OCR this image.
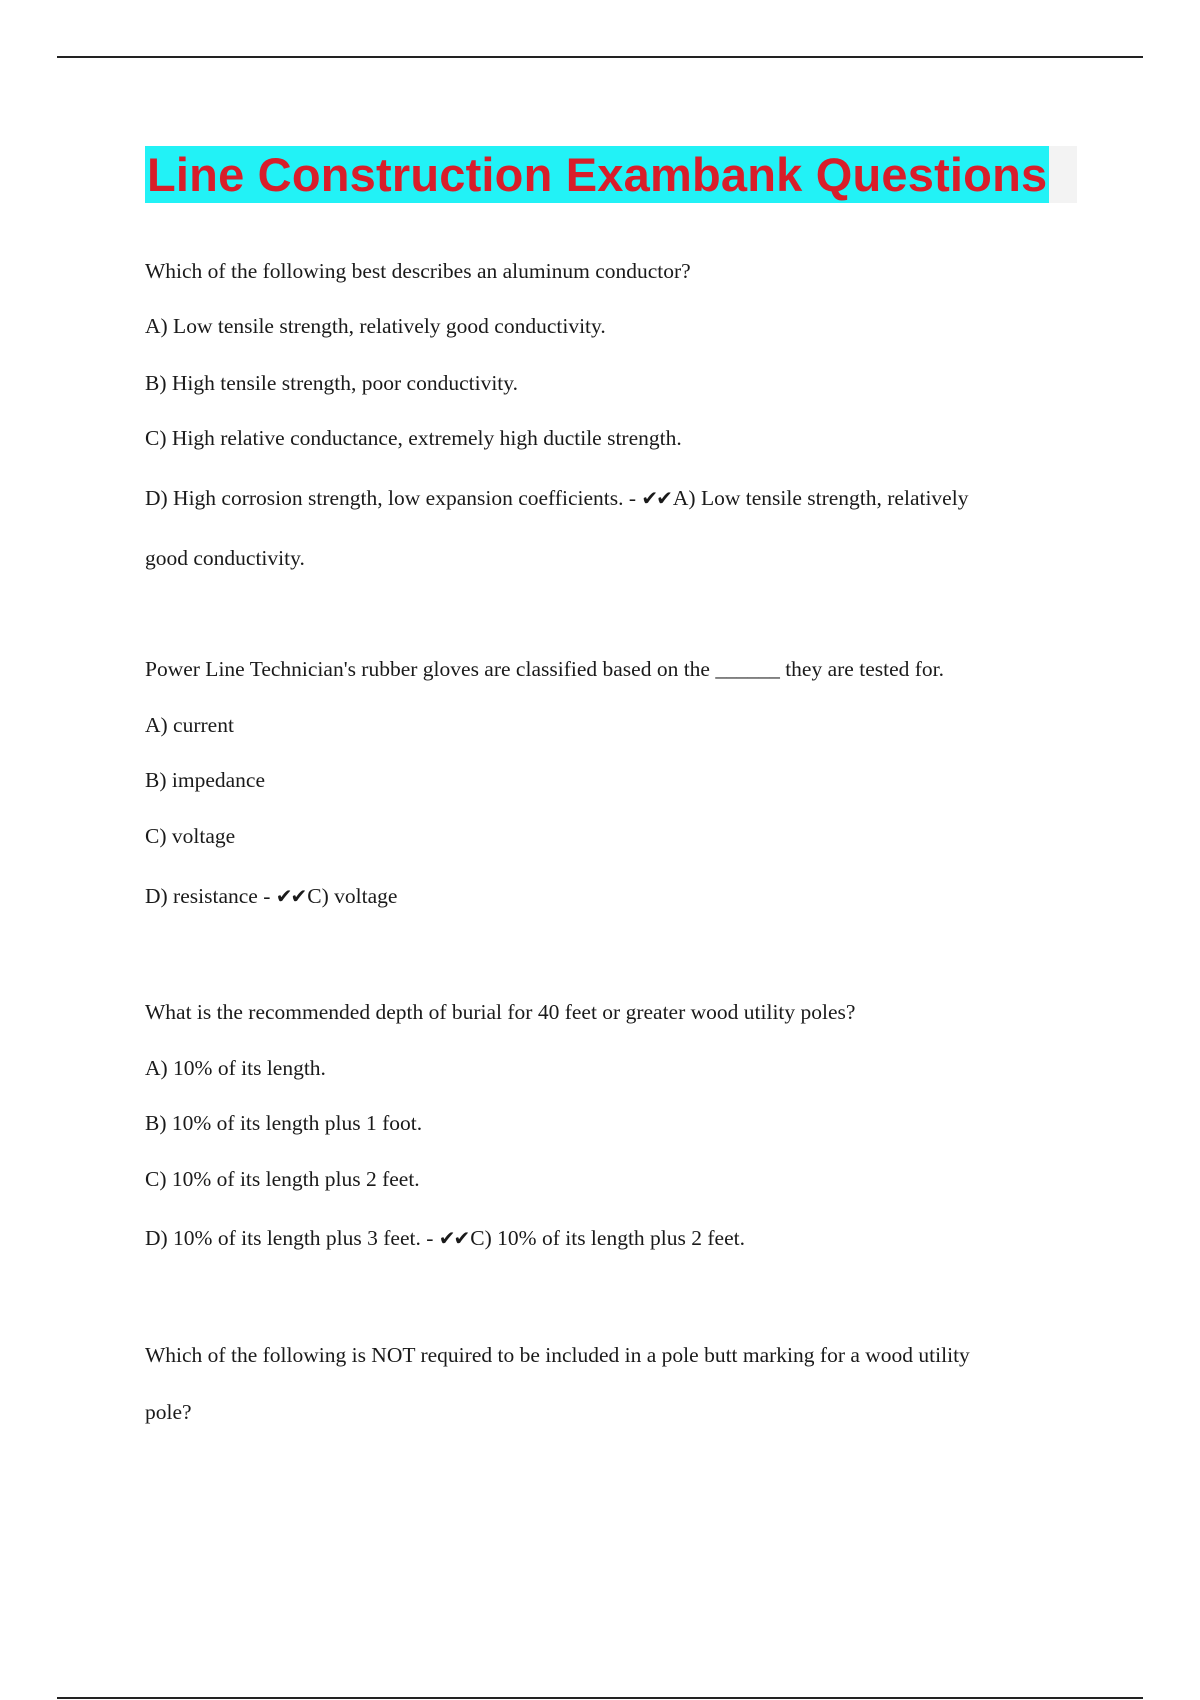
Line Construction Exambank Questions
Which of the following best describes an aluminum conductor?
A) Low tensile strength, relatively good conductivity.
B) High tensile strength, poor conductivity.
C) High relative conductance, extremely high ductile strength.
D) High corrosion strength, low expansion coefficients. - ✔✔A) Low tensile strength, relatively
good conductivity.
Power Line Technician's rubber gloves are classified based on the ______ they are tested for.
A) current
B) impedance
C) voltage
D) resistance - ✔✔C) voltage
What is the recommended depth of burial for 40 feet or greater wood utility poles?
A) 10% of its length.
B) 10% of its length plus 1 foot.
C) 10% of its length plus 2 feet.
D) 10% of its length plus 3 feet. - ✔✔C) 10% of its length plus 2 feet.
Which of the following is NOT required to be included in a pole butt marking for a wood utility
pole?
